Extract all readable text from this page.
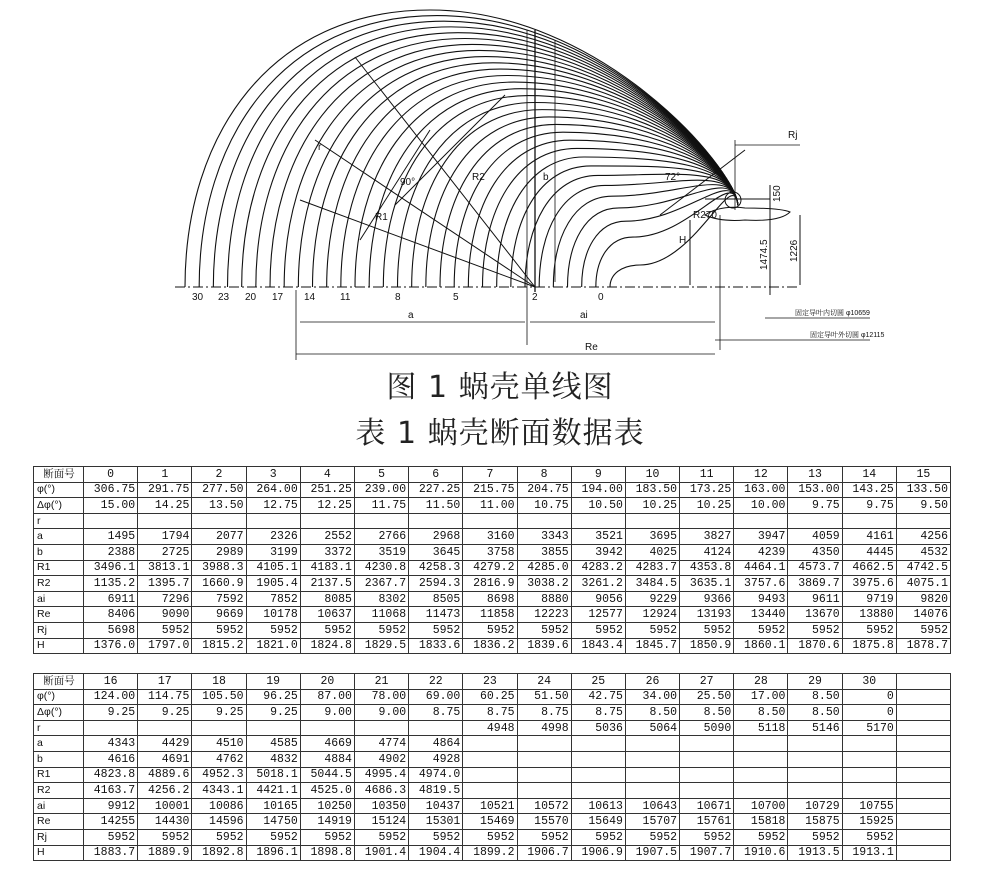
30 23 20 17 14 11	8	5	2	0
Rj
90°	72°
R1
R2
r
b
R270
H
a	ai
Re
固定导叶内切圆 φ10659
固定导叶外切圆 φ12115
150
1474.5 1226
图 1 蜗壳单线图
表 1 蜗壳断面数据表
断面号	0	1	2	3	4	5	6	7	8	9	10	11	12	13	14	15
φ(°)	306.75	291.75	277.50	264.00	251.25	239.00	227.25	215.75	204.75	194.00	183.50	173.25	163.00	153.00	143.25	133.50
Δφ(°)	15.00	14.25	13.50	12.75	12.25	11.75	11.50	11.00	10.75	10.50	10.25	10.25	10.00	9.75	9.75	9.50
r																
a	1495	1794	2077	2326	2552	2766	2968	3160	3343	3521	3695	3827	3947	4059	4161	4256
b	2388	2725	2989	3199	3372	3519	3645	3758	3855	3942	4025	4124	4239	4350	4445	4532
R1	3496.1	3813.1	3988.3	4105.1	4183.1	4230.8	4258.3	4279.2	4285.0	4283.2	4283.7	4353.8	4464.1	4573.7	4662.5	4742.5
R2	1135.2	1395.7	1660.9	1905.4	2137.5	2367.7	2594.3	2816.9	3038.2	3261.2	3484.5	3635.1	3757.6	3869.7	3975.6	4075.1
ai	6911	7296	7592	7852	8085	8302	8505	8698	8880	9056	9229	9366	9493	9611	9719	9820
Re	8406	9090	9669	10178	10637	11068	11473	11858	12223	12577	12924	13193	13440	13670	13880	14076
Rj	5698	5952	5952	5952	5952	5952	5952	5952	5952	5952	5952	5952	5952	5952	5952	5952
H	1376.0	1797.0	1815.2	1821.0	1824.8	1829.5	1833.6	1836.2	1839.6	1843.4	1845.7	1850.9	1860.1	1870.6	1875.8	1878.7
断面号	16	17	18	19	20	21	22	23	24	25	26	27	28	29	30	
φ(°)	124.00	114.75	105.50	96.25	87.00	78.00	69.00	60.25	51.50	42.75	34.00	25.50	17.00	8.50	0	
Δφ(°)	9.25	9.25	9.25	9.25	9.00	9.00	8.75	8.75	8.75	8.75	8.50	8.50	8.50	8.50	0	
r								4948	4998	5036	5064	5090	5118	5146	5170	
a	4343	4429	4510	4585	4669	4774	4864									
b	4616	4691	4762	4832	4884	4902	4928									
R1	4823.8	4889.6	4952.3	5018.1	5044.5	4995.4	4974.0									
R2	4163.7	4256.2	4343.1	4421.1	4525.0	4686.3	4819.5									
ai	9912	10001	10086	10165	10250	10350	10437	10521	10572	10613	10643	10671	10700	10729	10755	
Re	14255	14430	14596	14750	14919	15124	15301	15469	15570	15649	15707	15761	15818	15875	15925	
Rj	5952	5952	5952	5952	5952	5952	5952	5952	5952	5952	5952	5952	5952	5952	5952	
H	1883.7	1889.9	1892.8	1896.1	1898.8	1901.4	1904.4	1899.2	1906.7	1906.9	1907.5	1907.7	1910.6	1913.5	1913.1	
